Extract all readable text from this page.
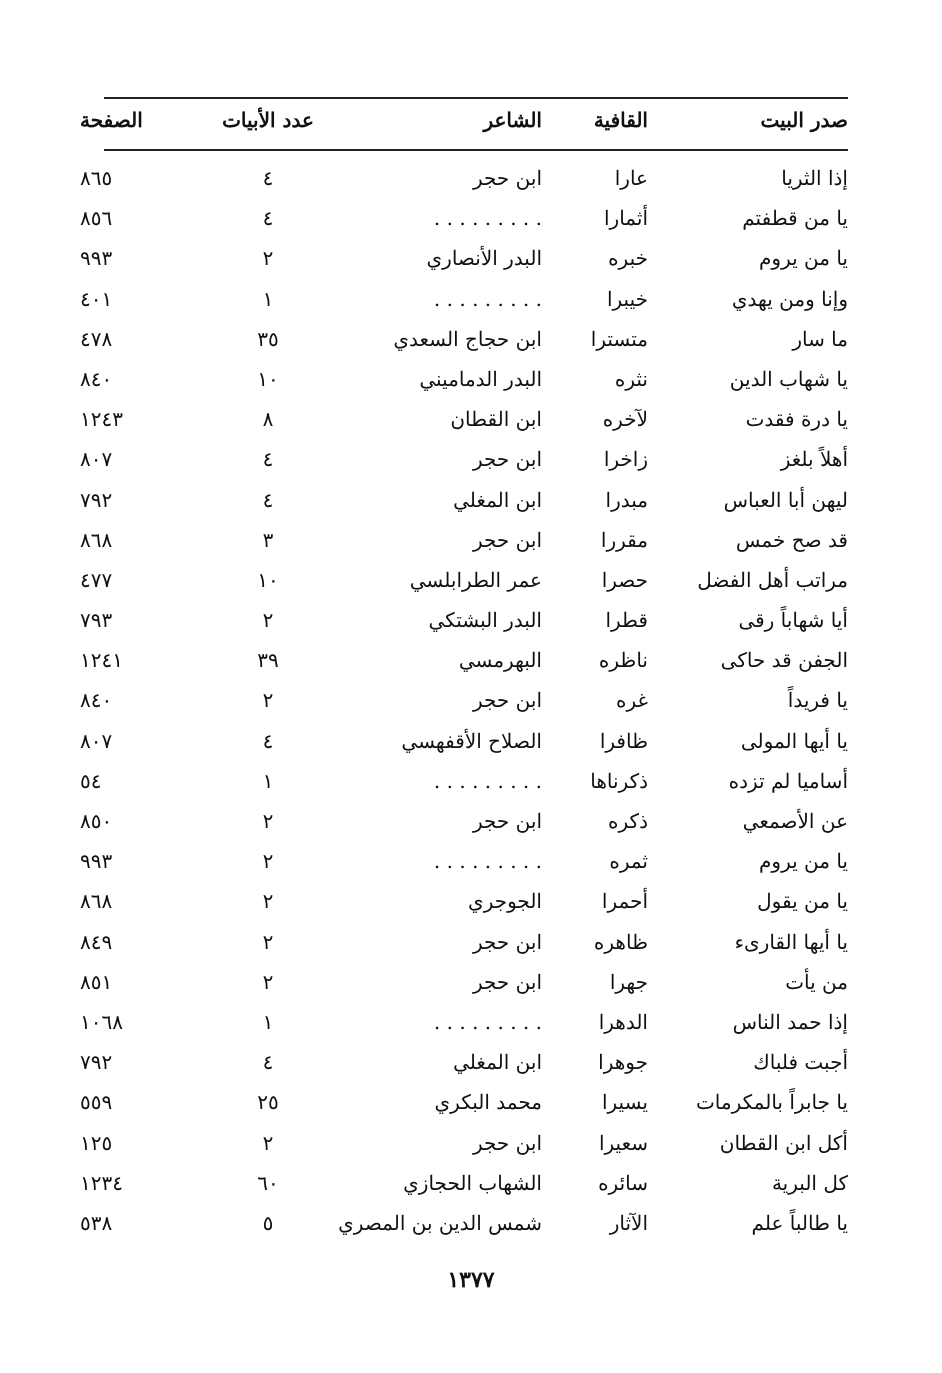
صدر البيت
القافية
الشاعر
عدد الأبيات
الصفحة
إذا الثريا
عارا
ابن حجر
٤
٨٦٥
يا من قطفتم
أثمارا
. . . . . . . . .
٤
٨٥٦
يا من يروم
خبره
البدر الأنصاري
٢
٩٩٣
وإنا ومن يهدي
خيبرا
. . . . . . . . .
١
٤٠١
ما سار
متسترا
ابن حجاج السعدي
٣٥
٤٧٨
يا شهاب الدين
نثره
البدر الدماميني
١٠
٨٤٠
يا درة فقدت
لآخره
ابن القطان
٨
١٢٤٣
أهلاً بلغز
زاخرا
ابن حجر
٤
٨٠٧
ليهن أبا العباس
مبدرا
ابن المغلي
٤
٧٩٢
قد صح خمس
مقررا
ابن حجر
٣
٨٦٨
مراتب أهل الفضل
حصرا
عمر الطرابلسي
١٠
٤٧٧
أيا شهاباً رقى
قطرا
البدر البشتكي
٢
٧٩٣
الجفن قد حاكى
ناظره
البهرمسي
٣٩
١٢٤١
يا فريداً
غره
ابن حجر
٢
٨٤٠
يا أيها المولى
ظافرا
الصلاح الأقفهسي
٤
٨٠٧
أساميا لم تزده
ذكرناها
. . . . . . . . .
١
٥٤
عن الأصمعي
ذكره
ابن حجر
٢
٨٥٠
يا من يروم
ثمره
. . . . . . . . .
٢
٩٩٣
يا من يقول
أحمرا
الجوجري
٢
٨٦٨
يا أيها القارىء
ظاهره
ابن حجر
٢
٨٤٩
من يأت
جهرا
ابن حجر
٢
٨٥١
إذا حمد الناس
الدهرا
. . . . . . . . .
١
١٠٦٨
أجبت فلباك
جوهرا
ابن المغلي
٤
٧٩٢
يا جابراً بالمكرمات
يسيرا
محمد البكري
٢٥
٥٥٩
أكل ابن القطان
سعيرا
ابن حجر
٢
١٢٥
كل البرية
سائره
الشهاب الحجازي
٦٠
١٢٣٤
يا طالباً علم
الآثار
شمس الدين بن المصري
٥
٥٣٨
١٣٧٧
